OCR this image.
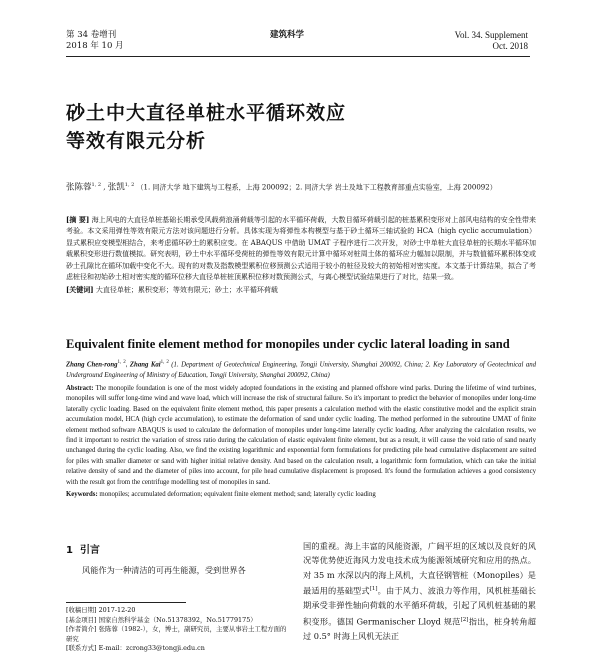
第 34 卷增刊
2018 年 10 月
建筑科学	Vol. 34. Supplement
Oct. 2018
砂土中大直径单桩水平循环效应
等效有限元分析
张陈蓉$^{1, 2}$ , 张凯$^{1, 2}$ （1. 同济大学 地下建筑与工程系，上海 200092；2. 同济大学 岩土及地下工程教育部重点实验室，上海 200092）
[摘 要] 海上风电的大直径单桩基础长期承受风载荷浪涌荷载等引起的水平循环荷载，大数目循环荷载引起的桩基累积变形对上部风电结构的安全性带来考验。本文采用弹性等效有限元方法对该问题进行分析。具体实现为将弹性本构模型与基于砂土循环三轴试验的 HCA（high cyclic accumulation）显式累积应变模型相结合，来考虑循环砂土的累积应变。在 ABAQUS 中借助 UMAT 子程序进行二次开发，对砂土中单桩大直径单桩的长期水平循环加载累积变形进行数值模拟。研究表明，砂土中水平循环受荷桩的弹性等效有限元计算中循环对桩周土体的循环应力幅加以限制，并与数值循环累积体变或砂土孔隙比在循环加载中变化不大。现有的对数及指数模型累积位移预测公式适用于较小的桩径及较大的初始相对密实度。本文基于计算结果，拟合了考虑桩径和初始砂土相对密实度的循环位移大直径单桩桩顶累积位移对数预测公式，与离心模型试验结果进行了对比，结果一致。
[关键词] 大直径单桩；累积变形；等效有限元；砂土；水平循环荷载
Equivalent finite element method for monopiles under cyclic lateral loading in sand
Zhang Chen-rong$^{1, 2}$, Zhang Kai$^{1, 2}$ (1. Department of Geotechnical Engineering, Tongji University, Shanghai 200092, China; 2. Key Laboratory of Geotechnical and Underground Engineering of Ministry of Education, Tongji University, Shanghai 200092, China)
Abstract: The monopile foundation is one of the most widely adopted foundations in the existing and planned offshore wind parks. During the lifetime of wind turbines, monopiles will suffer long-time wind and wave load, which will increase the risk of structural failure. So it's important to predict the behavior of monopiles under long-time laterally cyclic loading. Based on the equivalent finite element method, this paper presents a calculation method with the elastic constitutive model and the explicit strain accumulation model, HCA (high cycle accumulation), to estimate the deformation of sand under cyclic loading. The method performed in the subroutine UMAT of finite element method software ABAQUS is used to calculate the deformation of monopiles under long-time laterally cyclic loading. After analyzing the calculation results, we find it important to restrict the variation of stress ratio during the calculation of elastic equivalent finite element, but as a result, it will cause the void ratio of sand nearly unchanged during the cyclic loading. Also, we find the existing logarithmic and exponential form formulations for predicting pile head cumulative displacement are suited for piles with smaller diameter or sand with higher initial relative density. And based on the calculation result, a logarithmic form formulation, which can take the initial relative density of sand and the diameter of piles into account, for pile head cumulative displacement is proposed. It's found the formulation achieves a good consistency with the result got from the centrifuge modelling test of monopiles in sand.
Keywords: monopiles; accumulated deformation; equivalent finite element method; sand; laterally cyclic loading
1 引言
风能作为一种清洁的可再生能源，受到世界各
[收稿日期] 2017-12-20
[基金项目] 国家自然科学基金（No.51378392，No.51779175）
[作者简介] 张陈蓉（1982-），女，博士，副研究员，主要从事岩土工程方面的研究
[联系方式] E-mail：zcrong33@tongji.edu.cn
国的重视。海上丰富的风能资源，广阔平坦的区域以及良好的风况等优势使近海风力发电技术成为能源领域研究和应用的热点。对 35 m 水深以内的海上风机，大直径钢管桩（Monopiles）是最适用的基础型式[1]。由于风力、波浪力等作用，风机桩基础长期承受非弹性轴向荷载的水平循环荷载，引起了风机桩基础的累积变形。德国 Germanischer Lloyd 规范[2]指出，桩身转角超过 0.5° 时海上风机无法正
